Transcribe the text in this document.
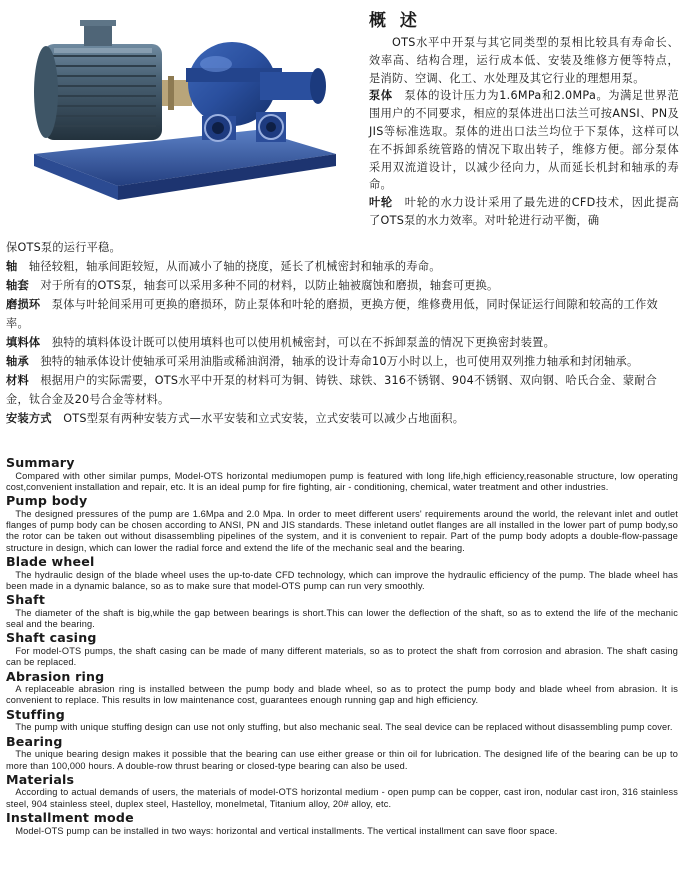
概 述

  OTS水平中开泵与其它同类型的泵相比较具有寿命长、效率高、结构合理，运行成本低、安装及维修方便等特点，是消防、空调、化工、水处理及其它行业的理想用泵。

泵体  泵体的设计压力为1.6MPa和2.0MPa。为满足世界范围用户的不同要求，相应的泵体进出口法兰可按ANSI、PN及JIS等标准选取。泵体的进出口法兰均位于下泵体，这样可以在不拆卸系统管路的情况下取出转子，维修方便。部分泵体采用双流道设计，以减少径向力，从而延长机封和轴承的寿命。

叶轮  叶轮的水力设计采用了最先进的CFD技术，因此提高了OTS泵的水力效率。对叶轮进行动平衡，确

保OTS泵的运行平稳。

轴  轴径较粗，轴承间距较短，从而减小了轴的挠度，延长了机械密封和轴承的寿命。

轴套  对于所有的OTS泵，轴套可以采用多种不同的材料，以防止轴被腐蚀和磨损，轴套可更换。

磨损环  泵体与叶轮间采用可更换的磨损环，防止泵体和叶轮的磨损，更换方便，维修费用低，同时保证运行间隙和较高的工作效率。

填料体  独特的填料体设计既可以使用填料也可以使用机械密封，可以在不拆卸泵盖的情况下更换密封装置。

轴承  独特的轴承体设计使轴承可采用油脂或稀油润滑，轴承的设计寿命10万小时以上，也可使用双列推力轴承和封闭轴承。

材料  根据用户的实际需要，OTS水平中开泵的材料可为铜、铸铁、球铁、316不锈钢、904不锈钢、双向钢、哈氏合金、蒙耐合金，钛合金及20号合金等材料。

安装方式  OTS型泵有两种安装方式—水平安装和立式安装，立式安装可以减少占地面积。

Summary

 Compared with other similar pumps, Model-OTS horizontal mediumopen pump is featured with long life,high efficiency,reasonable structure, low operating cost,convenient installation and repair, etc. It is an ideal pump for fire fighting, air - conditioning, chemical, water treatment and other industries.

Pump body

 The designed pressures of the pump are 1.6Mpa and 2.0 Mpa. In order to meet different users' requirements around the world, the relevant inlet and outlet flanges of pump body can be chosen according to ANSI, PN and JIS standards. These inletand outlet flanges are all installed in the lower part of pump body,so the rotor can be taken out without disassembling pipelines of the system, and it is convenient to repair. Part of the pump body adopts a double-flow-passage structure in design, which can lower the radial force and extend the life of the mechanic seal and the bearing.

Blade wheel

 The hydraulic design of the blade wheel uses the up-to-date CFD technology, which can improve the hydraulic efficiency of the pump. The blade wheel has been made in a dynamic balance, so as to make sure that model-OTS pump can run very smoothly.

Shaft

 The diameter of the shaft is big,while the gap between bearings is short.This can lower the deflection of the shaft, so as to extend the life of the mechanic seal and the bearing.

Shaft casing

 For model-OTS pumps, the shaft casing can be made of many different materials, so as to protect the shaft from corrosion and abrasion. The shaft casing can be replaced.

Abrasion ring

 A replaceable abrasion ring is installed between the pump body and blade wheel, so as to protect the pump body and blade wheel from abrasion. It is convenient to replace. This results in low maintenance cost, guarantees enough running gap and high efficiency.

Stuffing

 The pump with unique stuffing design can use not only stuffing, but also mechanic seal. The seal device can be replaced without disassembling pump cover.

Bearing

 The unique bearing design makes it possible that the bearing can use either grease or thin oil for lubrication. The designed life of the bearing can be up to more than 100,000 hours. A double-row thrust bearing or closed-type bearing can also be used.

Materials

 According to actual demands of users, the materials of model-OTS horizontal medium - open pump can be copper, cast iron, nodular cast iron, 316 stainless steel, 904 stainless steel, duplex steel, Hastelloy, monelmetal, Titanium alloy, 20# alloy, etc.

Installment mode

 Model-OTS pump can be installed in two ways: horizontal and vertical installments. The vertical installment can save floor space.
